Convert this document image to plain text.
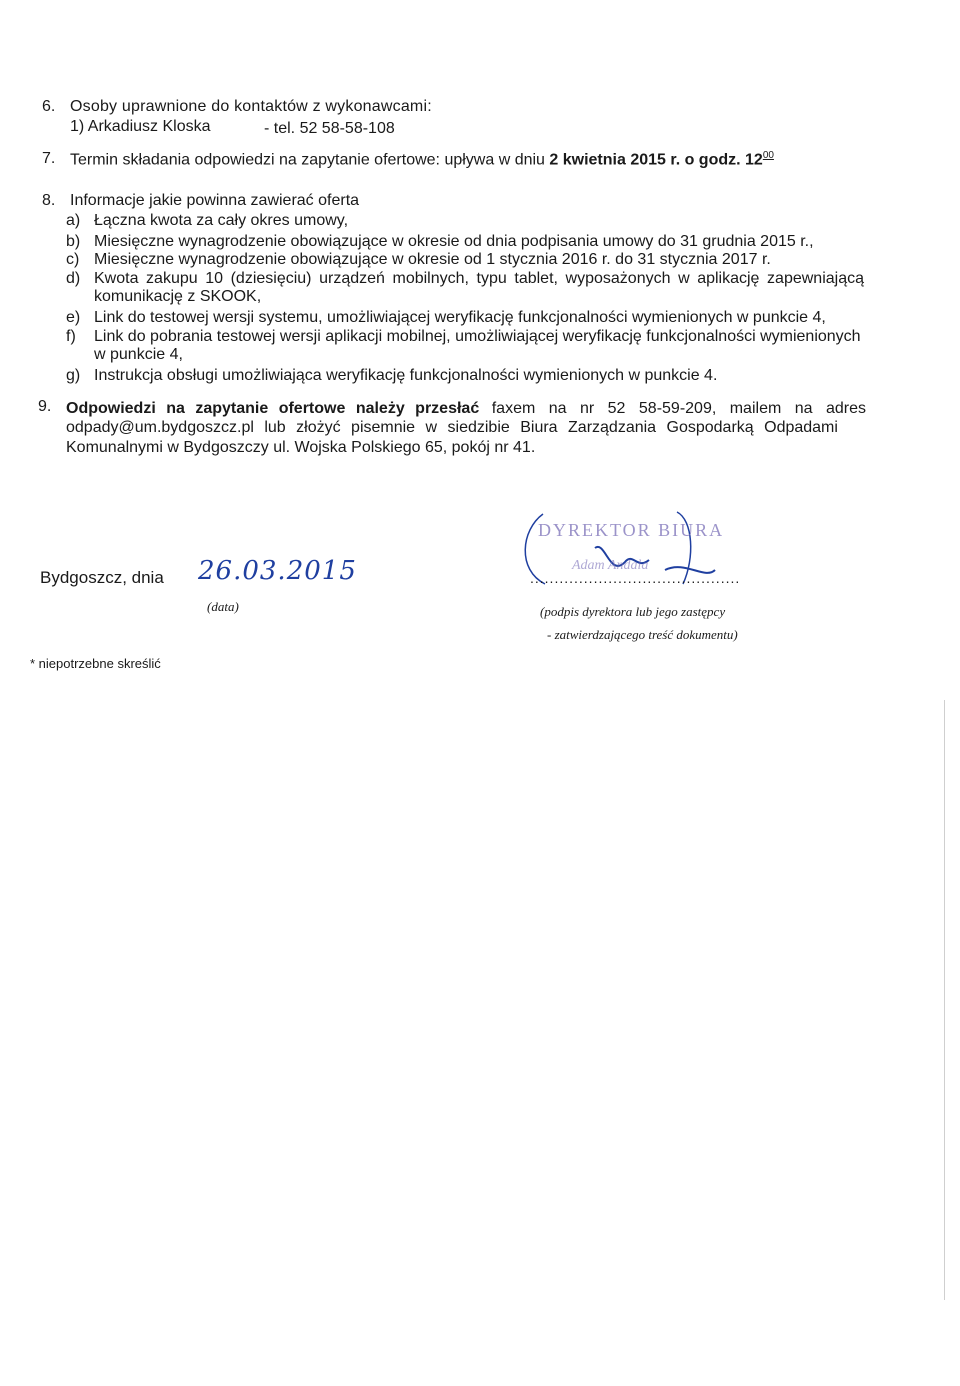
6. Osoby uprawnione do kontaktów z wykonawcami:
1) Arkadiusz Kloska	- tel. 52 58-58-108
7. Termin składania odpowiedzi na zapytanie ofertowe: upływa w dniu 2 kwietnia 2015 r. o godz. $12^{00}$
8. Informacje jakie powinna zawierać oferta
a) Łączna kwota za cały okres umowy,
b) Miesięczne wynagrodzenie obowiązujące w okresie od dnia podpisania umowy do 31 grudnia 2015 r.,
c) Miesięczne wynagrodzenie obowiązujące w okresie od 1 stycznia 2016 r. do 31 stycznia 2017 r.
d) Kwota zakupu 10 (dziesięciu) urządzeń mobilnych, typu tablet, wyposażonych w aplikację zapewniającą
komunikację z SKOOK,
e) Link do testowej wersji systemu, umożliwiającej weryfikację funkcjonalności wymienionych w punkcie 4,
f) Link do pobrania testowej wersji aplikacji mobilnej, umożliwiającej weryfikację funkcjonalności wymienionych
w punkcie 4,
g) Instrukcja obsługi umożliwiająca weryfikację funkcjonalności wymienionych w punkcie 4.
9. Odpowiedzi na zapytanie ofertowe należy przesłać faxem na nr 52 58-59-209, mailem na adres
odpady@um.bydgoszcz.pl lub złożyć pisemnie w siedzibie Biura Zarządzania Gospodarką Odpadami
Komunalnymi w Bydgoszczy ul. Wojska Polskiego 65, pokój nr 41.
Bydgoszcz, dnia 26.03.2015
(data)
DYREKTOR BIURA
Adam Andala
...........................................
(podpis dyrektora lub jego zastępcy
- zatwierdzającego treść dokumentu)
* niepotrzebne skreślić
